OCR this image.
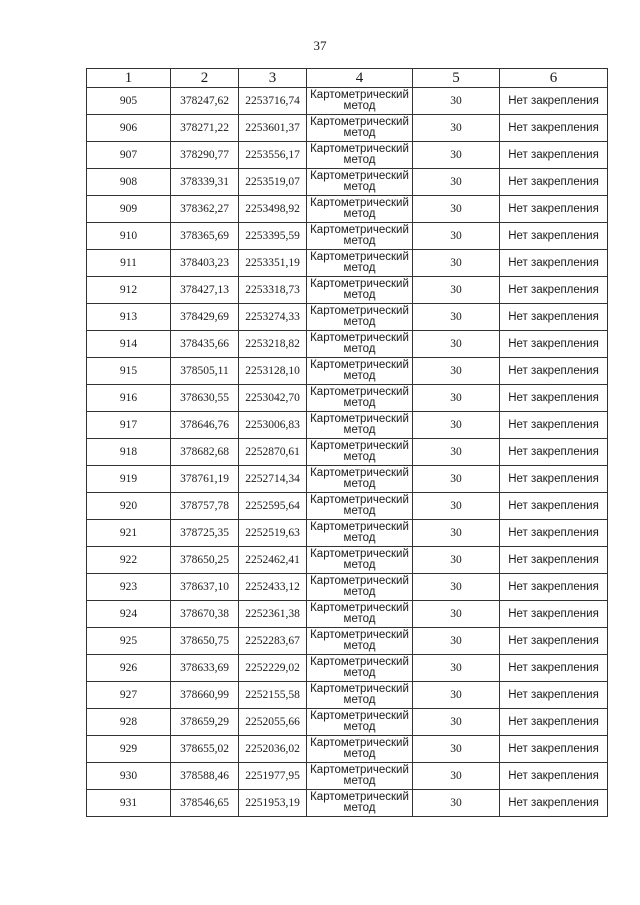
37
1	2	3	4	5	6
905	378247,62	2253716,74	Картометрический
метод	30	Нет закрепления
906	378271,22	2253601,37	Картометрический
метод	30	Нет закрепления
907	378290,77	2253556,17	Картометрический
метод	30	Нет закрепления
908	378339,31	2253519,07	Картометрический
метод	30	Нет закрепления
909	378362,27	2253498,92	Картометрический
метод	30	Нет закрепления
910	378365,69	2253395,59	Картометрический
метод	30	Нет закрепления
911	378403,23	2253351,19	Картометрический
метод	30	Нет закрепления
912	378427,13	2253318,73	Картометрический
метод	30	Нет закрепления
913	378429,69	2253274,33	Картометрический
метод	30	Нет закрепления
914	378435,66	2253218,82	Картометрический
метод	30	Нет закрепления
915	378505,11	2253128,10	Картометрический
метод	30	Нет закрепления
916	378630,55	2253042,70	Картометрический
метод	30	Нет закрепления
917	378646,76	2253006,83	Картометрический
метод	30	Нет закрепления
918	378682,68	2252870,61	Картометрический
метод	30	Нет закрепления
919	378761,19	2252714,34	Картометрический
метод	30	Нет закрепления
920	378757,78	2252595,64	Картометрический
метод	30	Нет закрепления
921	378725,35	2252519,63	Картометрический
метод	30	Нет закрепления
922	378650,25	2252462,41	Картометрический
метод	30	Нет закрепления
923	378637,10	2252433,12	Картометрический
метод	30	Нет закрепления
924	378670,38	2252361,38	Картометрический
метод	30	Нет закрепления
925	378650,75	2252283,67	Картометрический
метод	30	Нет закрепления
926	378633,69	2252229,02	Картометрический
метод	30	Нет закрепления
927	378660,99	2252155,58	Картометрический
метод	30	Нет закрепления
928	378659,29	2252055,66	Картометрический
метод	30	Нет закрепления
929	378655,02	2252036,02	Картометрический
метод	30	Нет закрепления
930	378588,46	2251977,95	Картометрический
метод	30	Нет закрепления
931	378546,65	2251953,19	Картометрический
метод	30	Нет закрепления
